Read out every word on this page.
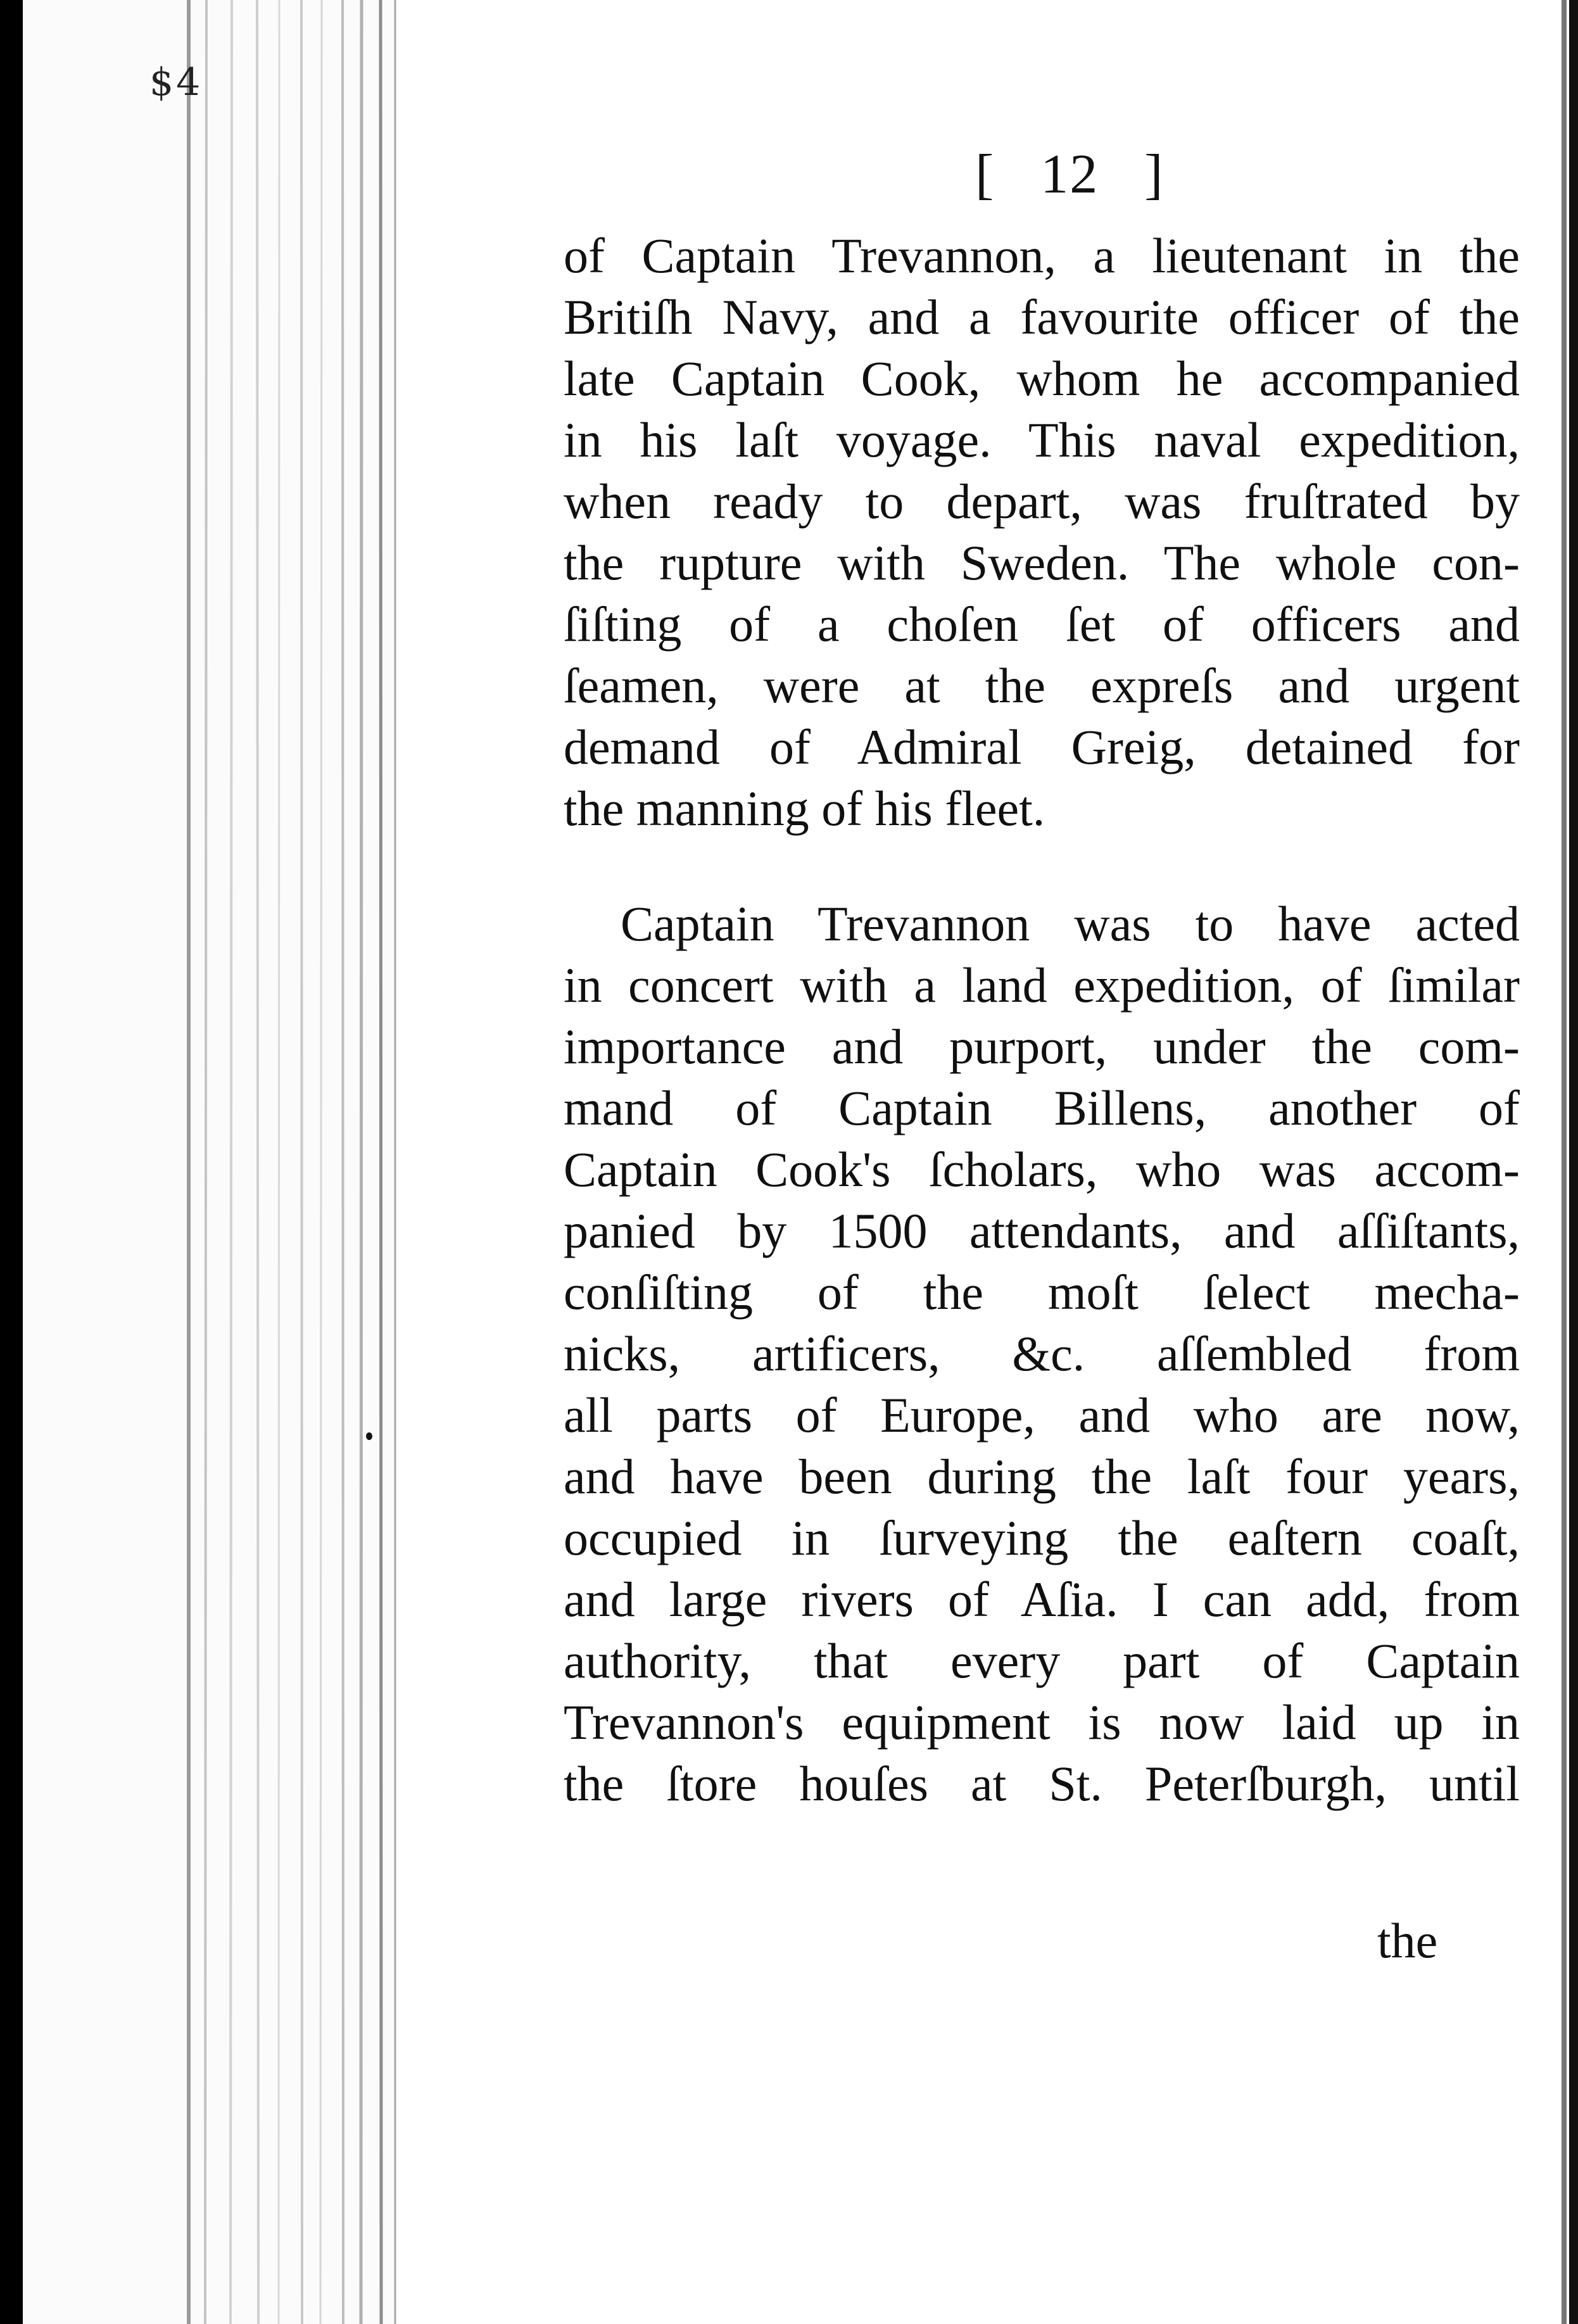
$4
[ 12 ]
of Captain Trevannon, a lieutenant in the
Britiſh Navy, and a favourite officer of the
late Captain Cook, whom he accompanied
in his laſt voyage. This naval expedition,
when ready to depart, was fruſtrated by
the rupture with Sweden. The whole con-
ſiſting of a choſen ſet of officers and
ſeamen, were at the expreſs and urgent
demand of Admiral Greig, detained for
the manning of his fleet.
Captain Trevannon was to have acted
in concert with a land expedition, of ſimilar
importance and purport, under the com-
mand of Captain Billens, another of
Captain Cook's ſcholars, who was accom-
panied by 1500 attendants, and aſſiſtants,
conſiſting of the moſt ſelect mecha-
nicks, artificers, &c. aſſembled from
all parts of Europe, and who are now,
and have been during the laſt four years,
occupied in ſurveying the eaſtern coaſt,
and large rivers of Aſia. I can add, from
authority, that every part of Captain
Trevannon's equipment is now laid up in
the ſtore houſes at St. Peterſburgh, until
the
